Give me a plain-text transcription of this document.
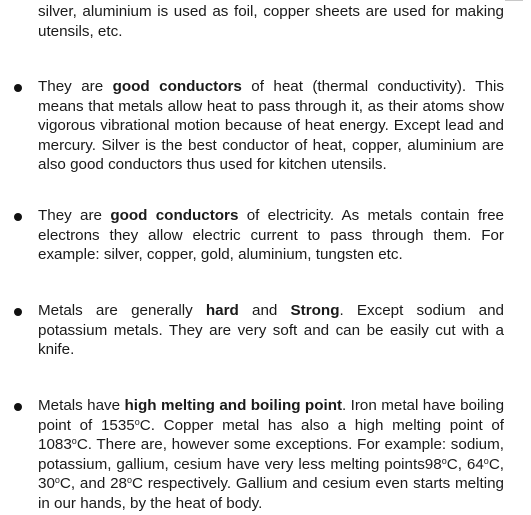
silver, aluminium is used as foil, copper sheets are used for making utensils, etc.

They are good conductors of heat (thermal conductivity). This means that metals allow heat to pass through it, as their atoms show vigorous vibrational motion because of heat energy. Except lead and mercury. Silver is the best conductor of heat, copper, aluminium are also good conductors thus used for kitchen utensils.

They are good conductors of electricity. As metals contain free electrons they allow electric current to pass through them. For example: silver, copper, gold, aluminium, tungsten etc.

Metals are generally hard and Strong. Except sodium and potassium metals. They are very soft and can be easily cut with a knife.

Metals have high melting and boiling point. Iron metal have boiling point of 1535$^o$C. Copper metal has also a high melting point of 1083$^o$C. There are, however some exceptions. For example: sodium, potassium, gallium, cesium have very less melting points98$^o$C, 64$^o$C, 30$^o$C, and 28$^o$C respectively. Gallium and cesium even starts melting in our hands, by the heat of body.
